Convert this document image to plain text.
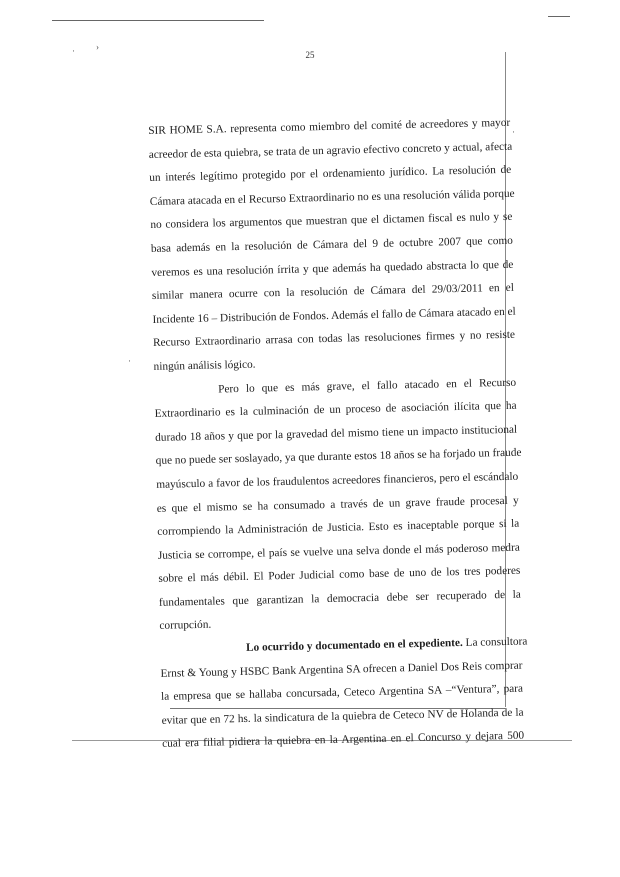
· ›
·
·
25

SIR HOME S.A. representa como miembro del comité de acreedores y mayor
acreedor de esta quiebra, se trata de un agravio efectivo concreto y actual, afecta
un interés legítimo protegido por el ordenamiento jurídico. La resolución de
Cámara atacada en el Recurso Extraordinario no es una resolución válida porque
no considera los argumentos que muestran que el dictamen fiscal es nulo y se
basa además en la resolución de Cámara del 9 de octubre 2007 que como
veremos es una resolución írrita y que además ha quedado abstracta lo que de
similar manera ocurre con la resolución de Cámara del 29/03/2011 en el
Incidente 16 – Distribución de Fondos. Además el fallo de Cámara atacado en el
Recurso Extraordinario arrasa con todas las resoluciones firmes y no resiste
ningún análisis lógico.

Pero lo que es más grave, el fallo atacado en el Recurso
Extraordinario es la culminación de un proceso de asociación ilícita que ha
durado 18 años y que por la gravedad del mismo tiene un impacto institucional
que no puede ser soslayado, ya que durante estos 18 años se ha forjado un fraude
mayúsculo a favor de los fraudulentos acreedores financieros, pero el escándalo
es que el mismo se ha consumado a través de un grave fraude procesal y
corrompiendo la Administración de Justicia. Esto es inaceptable porque si la
Justicia se corrompe, el país se vuelve una selva donde el más poderoso medra
sobre el más débil. El Poder Judicial como base de uno de los tres poderes
fundamentales que garantizan la democracia debe ser recuperado de la
corrupción.

Lo ocurrido y documentado en el expediente. La consultora
Ernst & Young y HSBC Bank Argentina SA ofrecen a Daniel Dos Reis comprar
la empresa que se hallaba concursada, Ceteco Argentina SA –“Ventura”, para
evitar que en 72 hs. la sindicatura de la quiebra de Ceteco NV de Holanda de la
cual era filial pidiera la quiebra en la Argentina en el Concurso y dejara 500
